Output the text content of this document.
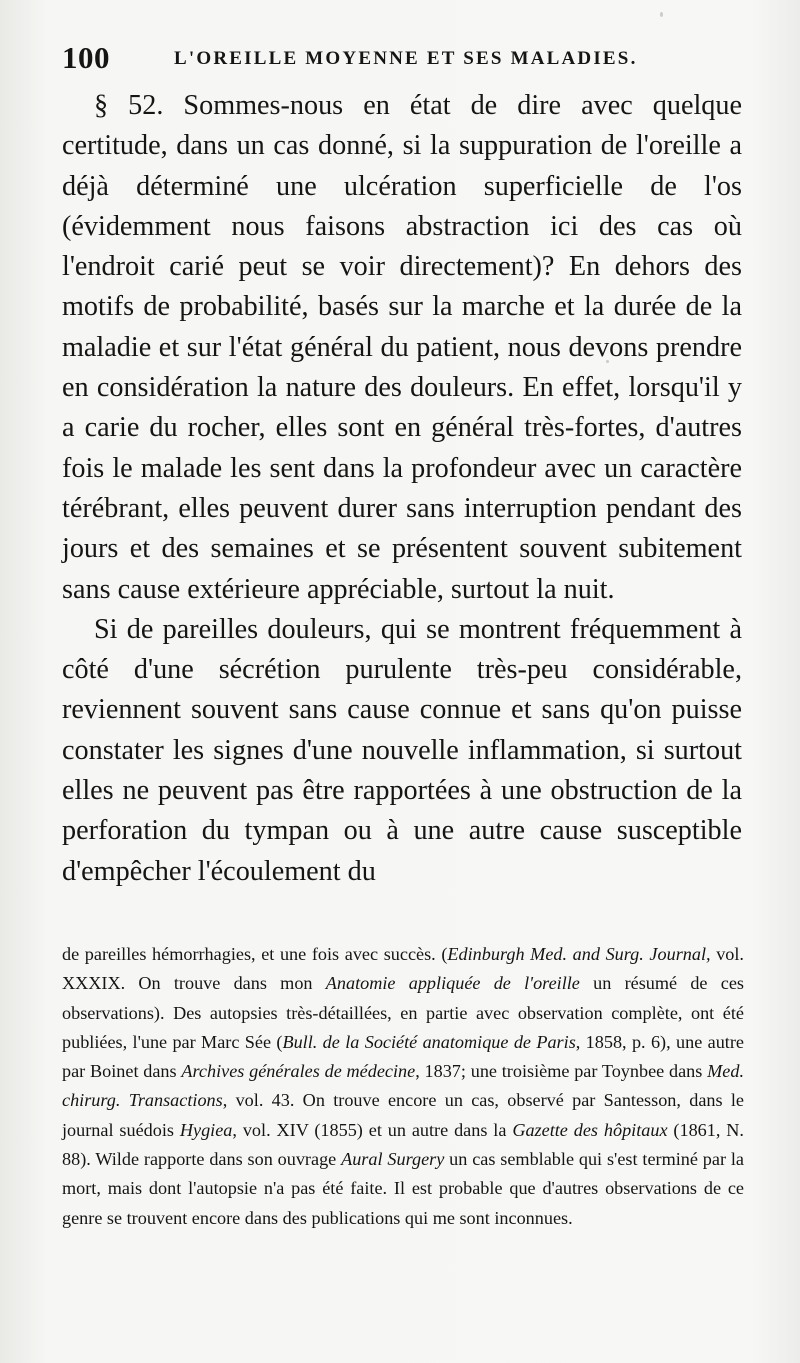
100	L'OREILLE MOYENNE ET SES MALADIES.

§ 52. Sommes-nous en état de dire avec quelque certitude, dans un cas donné, si la suppuration de l'oreille a déjà déterminé une ulcération superficielle de l'os (évidemment nous faisons abstraction ici des cas où l'endroit carié peut se voir directement)? En dehors des motifs de probabilité, basés sur la marche et la durée de la maladie et sur l'état général du patient, nous devons prendre en considération la nature des douleurs. En effet, lorsqu'il y a carie du rocher, elles sont en général très-fortes, d'autres fois le malade les sent dans la profondeur avec un caractère térébrant, elles peuvent durer sans interruption pendant des jours et des semaines et se présentent souvent subitement sans cause extérieure appréciable, surtout la nuit.

Si de pareilles douleurs, qui se montrent fréquemment à côté d'une sécrétion purulente très-peu considérable, reviennent souvent sans cause connue et sans qu'on puisse constater les signes d'une nouvelle inflammation, si surtout elles ne peuvent pas être rapportées à une obstruction de la perforation du tympan ou à une autre cause susceptible d'empêcher l'écoulement du

de pareilles hémorrhagies, et une fois avec succès. (Edinburgh Med. and Surg. Journal, vol. XXXIX. On trouve dans mon Anatomie appliquée de l'oreille un résumé de ces observations). Des autopsies très-détaillées, en partie avec observation complète, ont été publiées, l'une par Marc Sée (Bull. de la Société anatomique de Paris, 1858, p. 6), une autre par Boinet dans Archives générales de médecine, 1837; une troisième par Toynbee dans Med. chirurg. Transactions, vol. 43. On trouve encore un cas, observé par Santesson, dans le journal suédois Hygiea, vol. XIV (1855) et un autre dans la Gazette des hôpitaux (1861, N. 88). Wilde rapporte dans son ouvrage Aural Surgery un cas semblable qui s'est terminé par la mort, mais dont l'autopsie n'a pas été faite. Il est probable que d'autres observations de ce genre se trouvent encore dans des publications qui me sont inconnues.
